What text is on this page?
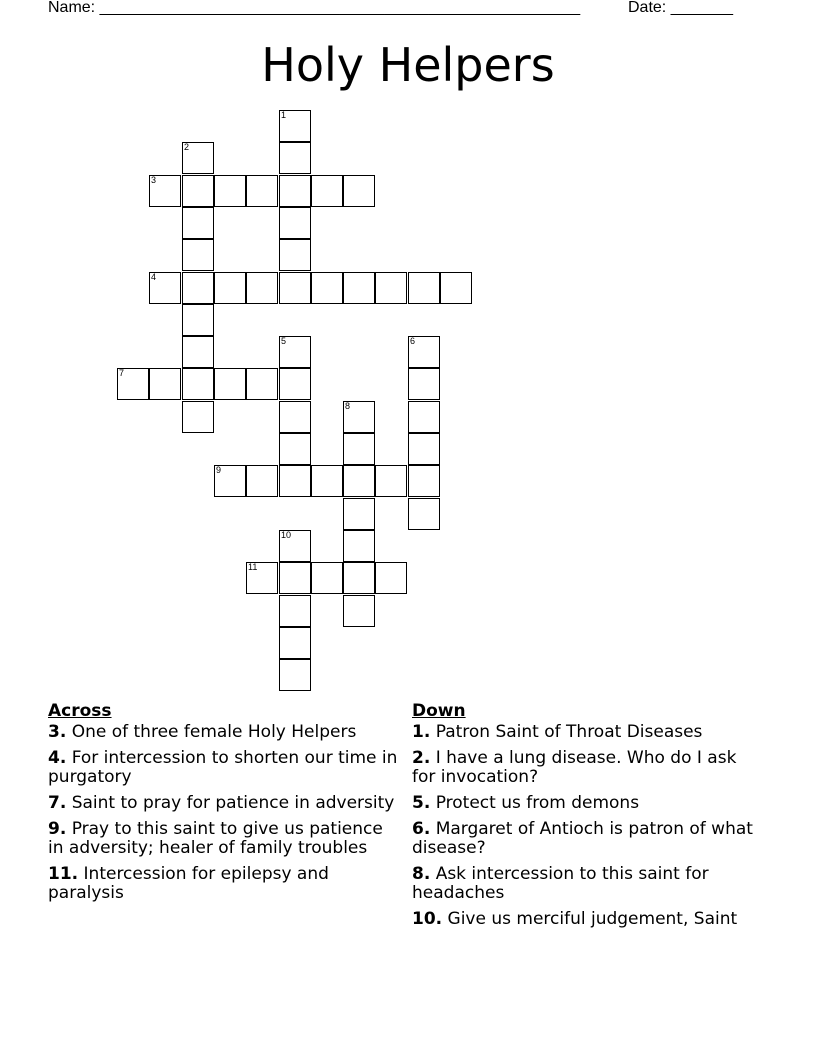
Name: ______________________________________________________	Date: _______
Holy Helpers
1
2
3
4
5	6
7
8
9
10
11
Across
3. One of three female Holy Helpers
4. For intercession to shorten our time in purgatory
7. Saint to pray for patience in adversity
9. Pray to this saint to give us patience in adversity; healer of family troubles
11. Intercession for epilepsy and paralysis
Down
1. Patron Saint of Throat Diseases
2. I have a lung disease. Who do I ask for invocation?
5. Protect us from demons
6. Margaret of Antioch is patron of what disease?
8. Ask intercession to this saint for headaches
10. Give us merciful judgement, Saint
